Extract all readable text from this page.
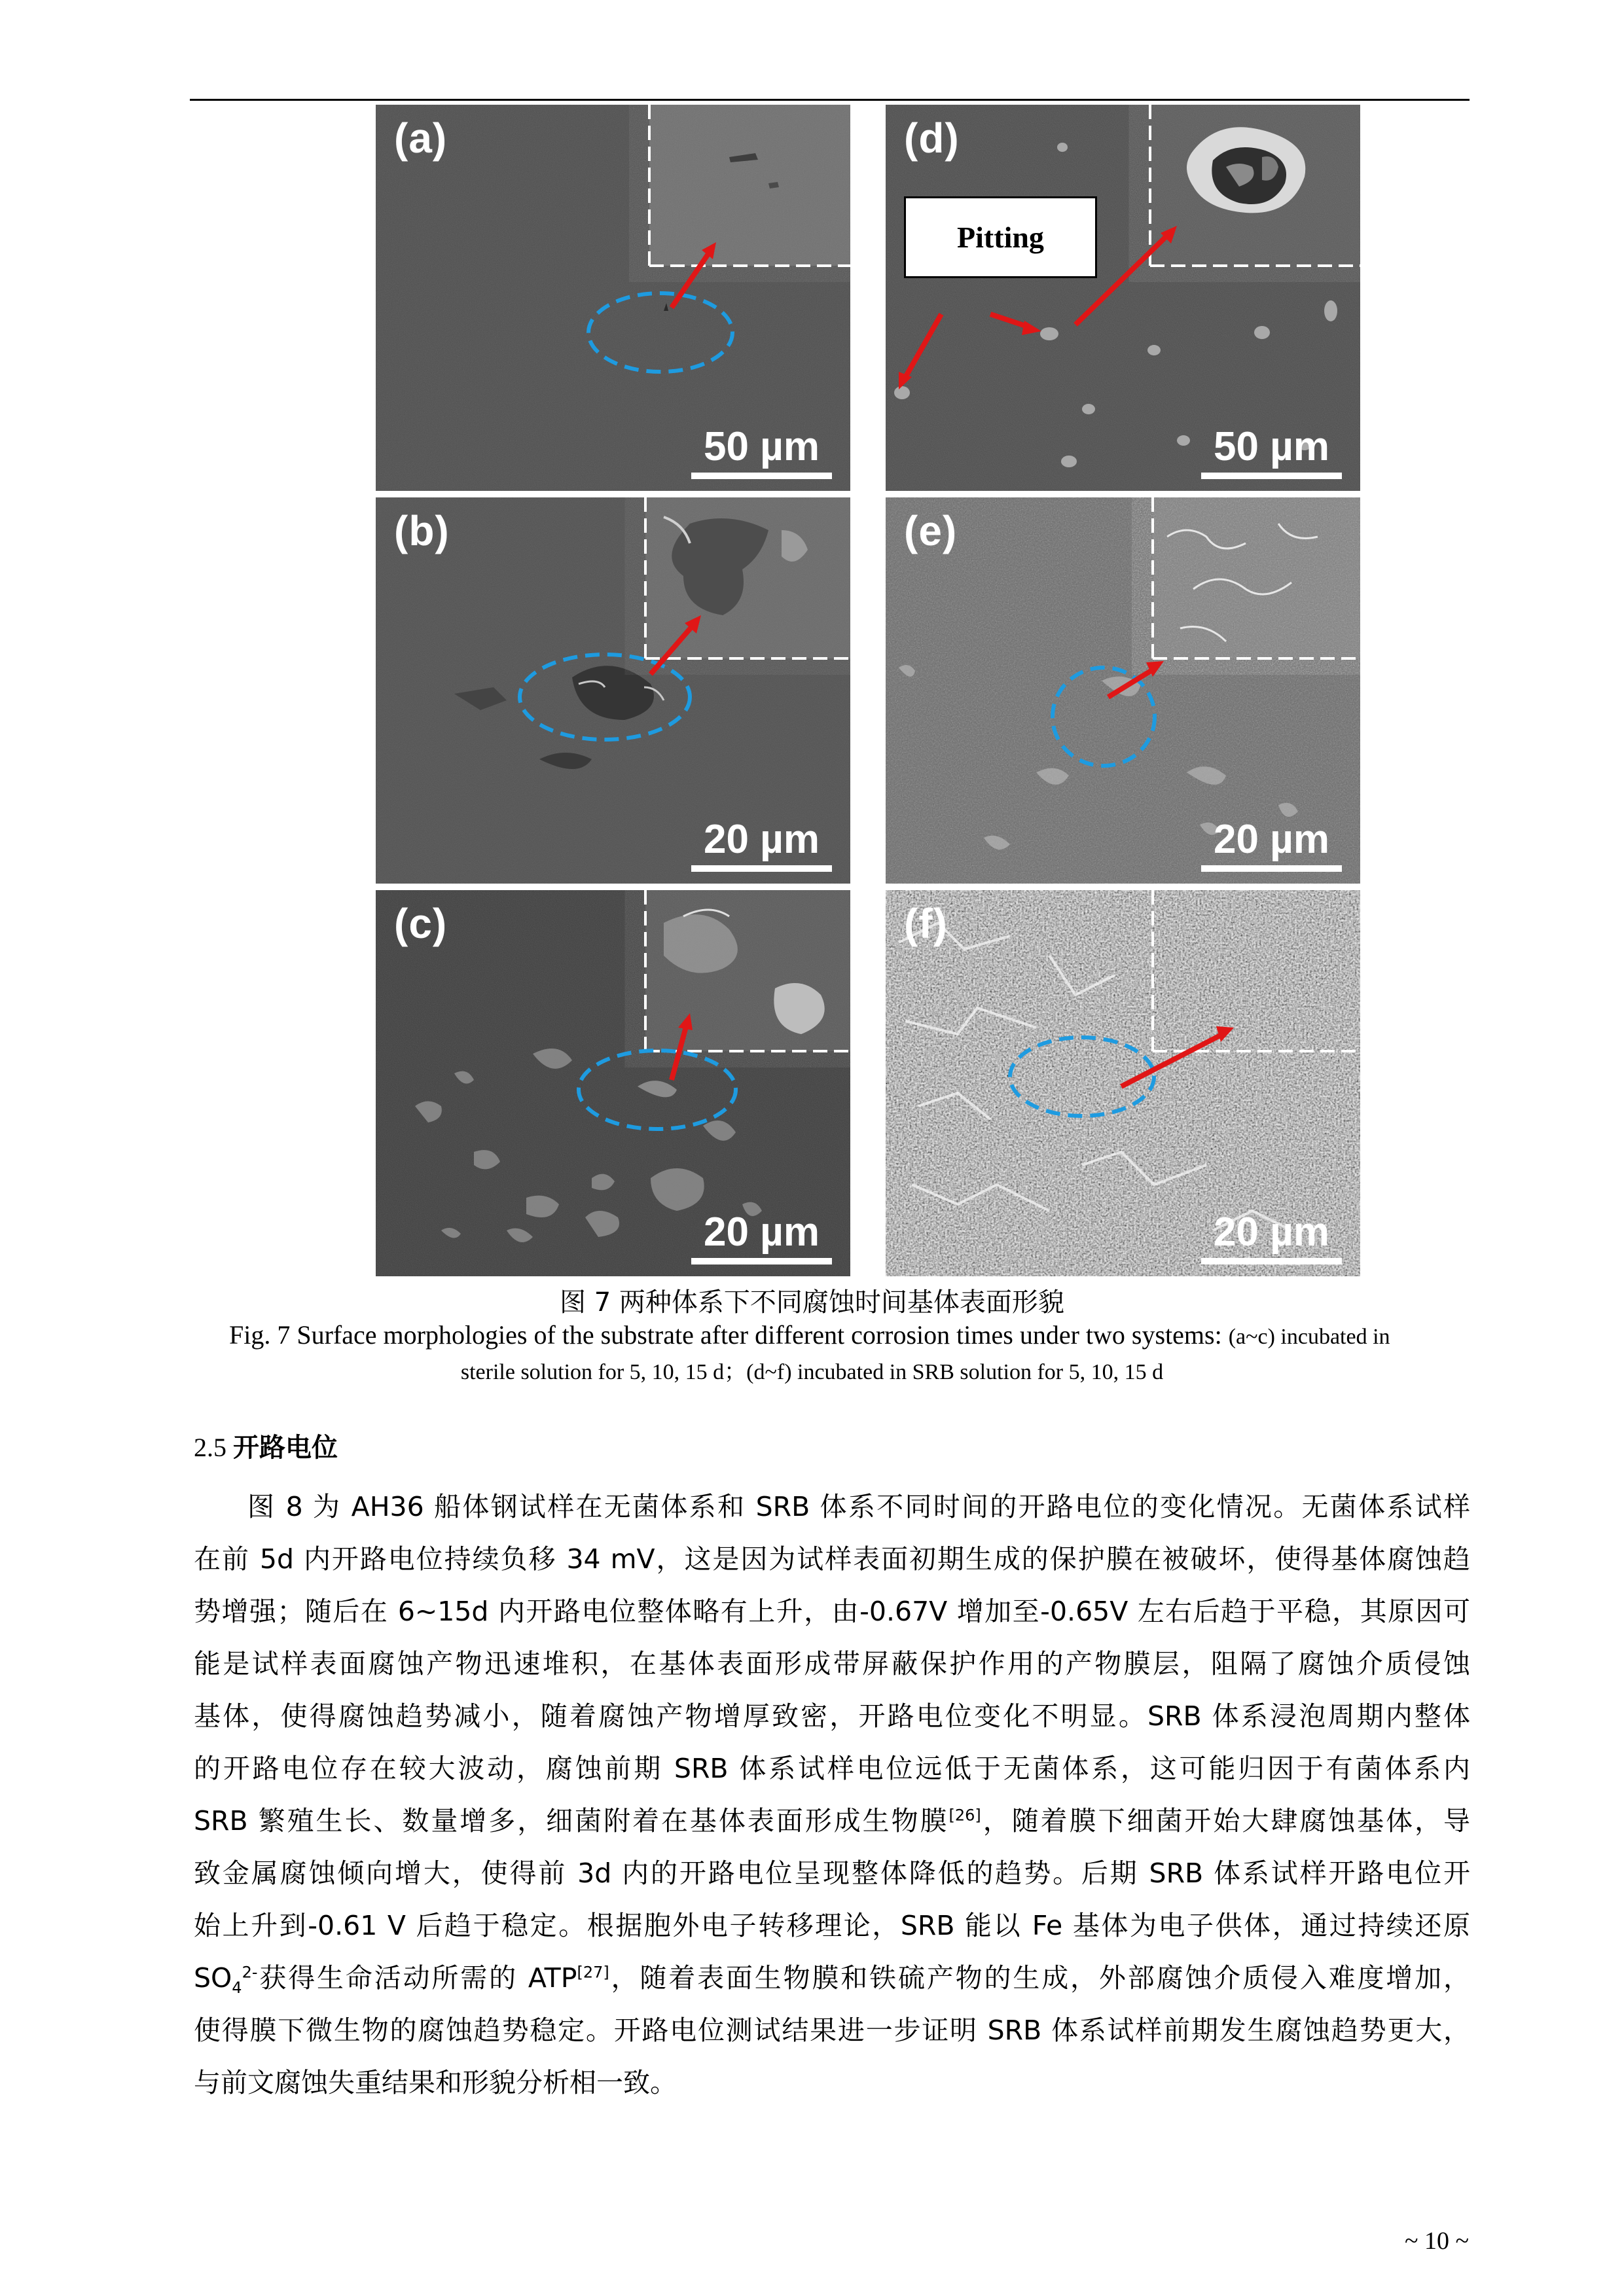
(a)
50 µm
(b)
20 µm
(c)
20 µm
(d)
Pitting
50 µm
(e)
20 µm
(f)
20 µm
图 7 两种体系下不同腐蚀时间基体表面形貌
Fig. 7 Surface morphologies of the substrate after different corrosion times under two systems: (a~c) incubated in
sterile solution for 5, 10, 15 d；(d~f) incubated in SRB solution for 5, 10, 15 d
2.5 开路电位
图 8 为 AH36 船体钢试样在无菌体系和 SRB 体系不同时间的开路电位的变化情况。无菌体系试样
在前 5d 内开路电位持续负移 34 mV，这是因为试样表面初期生成的保护膜在被破坏，使得基体腐蚀趋
势增强；随后在 6~15d 内开路电位整体略有上升，由-0.67V 增加至-0.65V 左右后趋于平稳，其原因可
能是试样表面腐蚀产物迅速堆积，在基体表面形成带屏蔽保护作用的产物膜层，阻隔了腐蚀介质侵蚀
基体，使得腐蚀趋势减小，随着腐蚀产物增厚致密，开路电位变化不明显。SRB 体系浸泡周期内整体
的开路电位存在较大波动，腐蚀前期 SRB 体系试样电位远低于无菌体系，这可能归因于有菌体系内
SRB 繁殖生长、数量增多，细菌附着在基体表面形成生物膜[26]，随着膜下细菌开始大肆腐蚀基体，导
致金属腐蚀倾向增大，使得前 3d 内的开路电位呈现整体降低的趋势。后期 SRB 体系试样开路电位开
始上升到-0.61 V 后趋于稳定。根据胞外电子转移理论，SRB 能以 Fe 基体为电子供体，通过持续还原
$SO_4^{2-}$获得生命活动所需的 ATP[27]，随着表面生物膜和铁硫产物的生成，外部腐蚀介质侵入难度增加，
使得膜下微生物的腐蚀趋势稳定。开路电位测试结果进一步证明 SRB 体系试样前期发生腐蚀趋势更大，
与前文腐蚀失重结果和形貌分析相一致。
~ 10 ~
